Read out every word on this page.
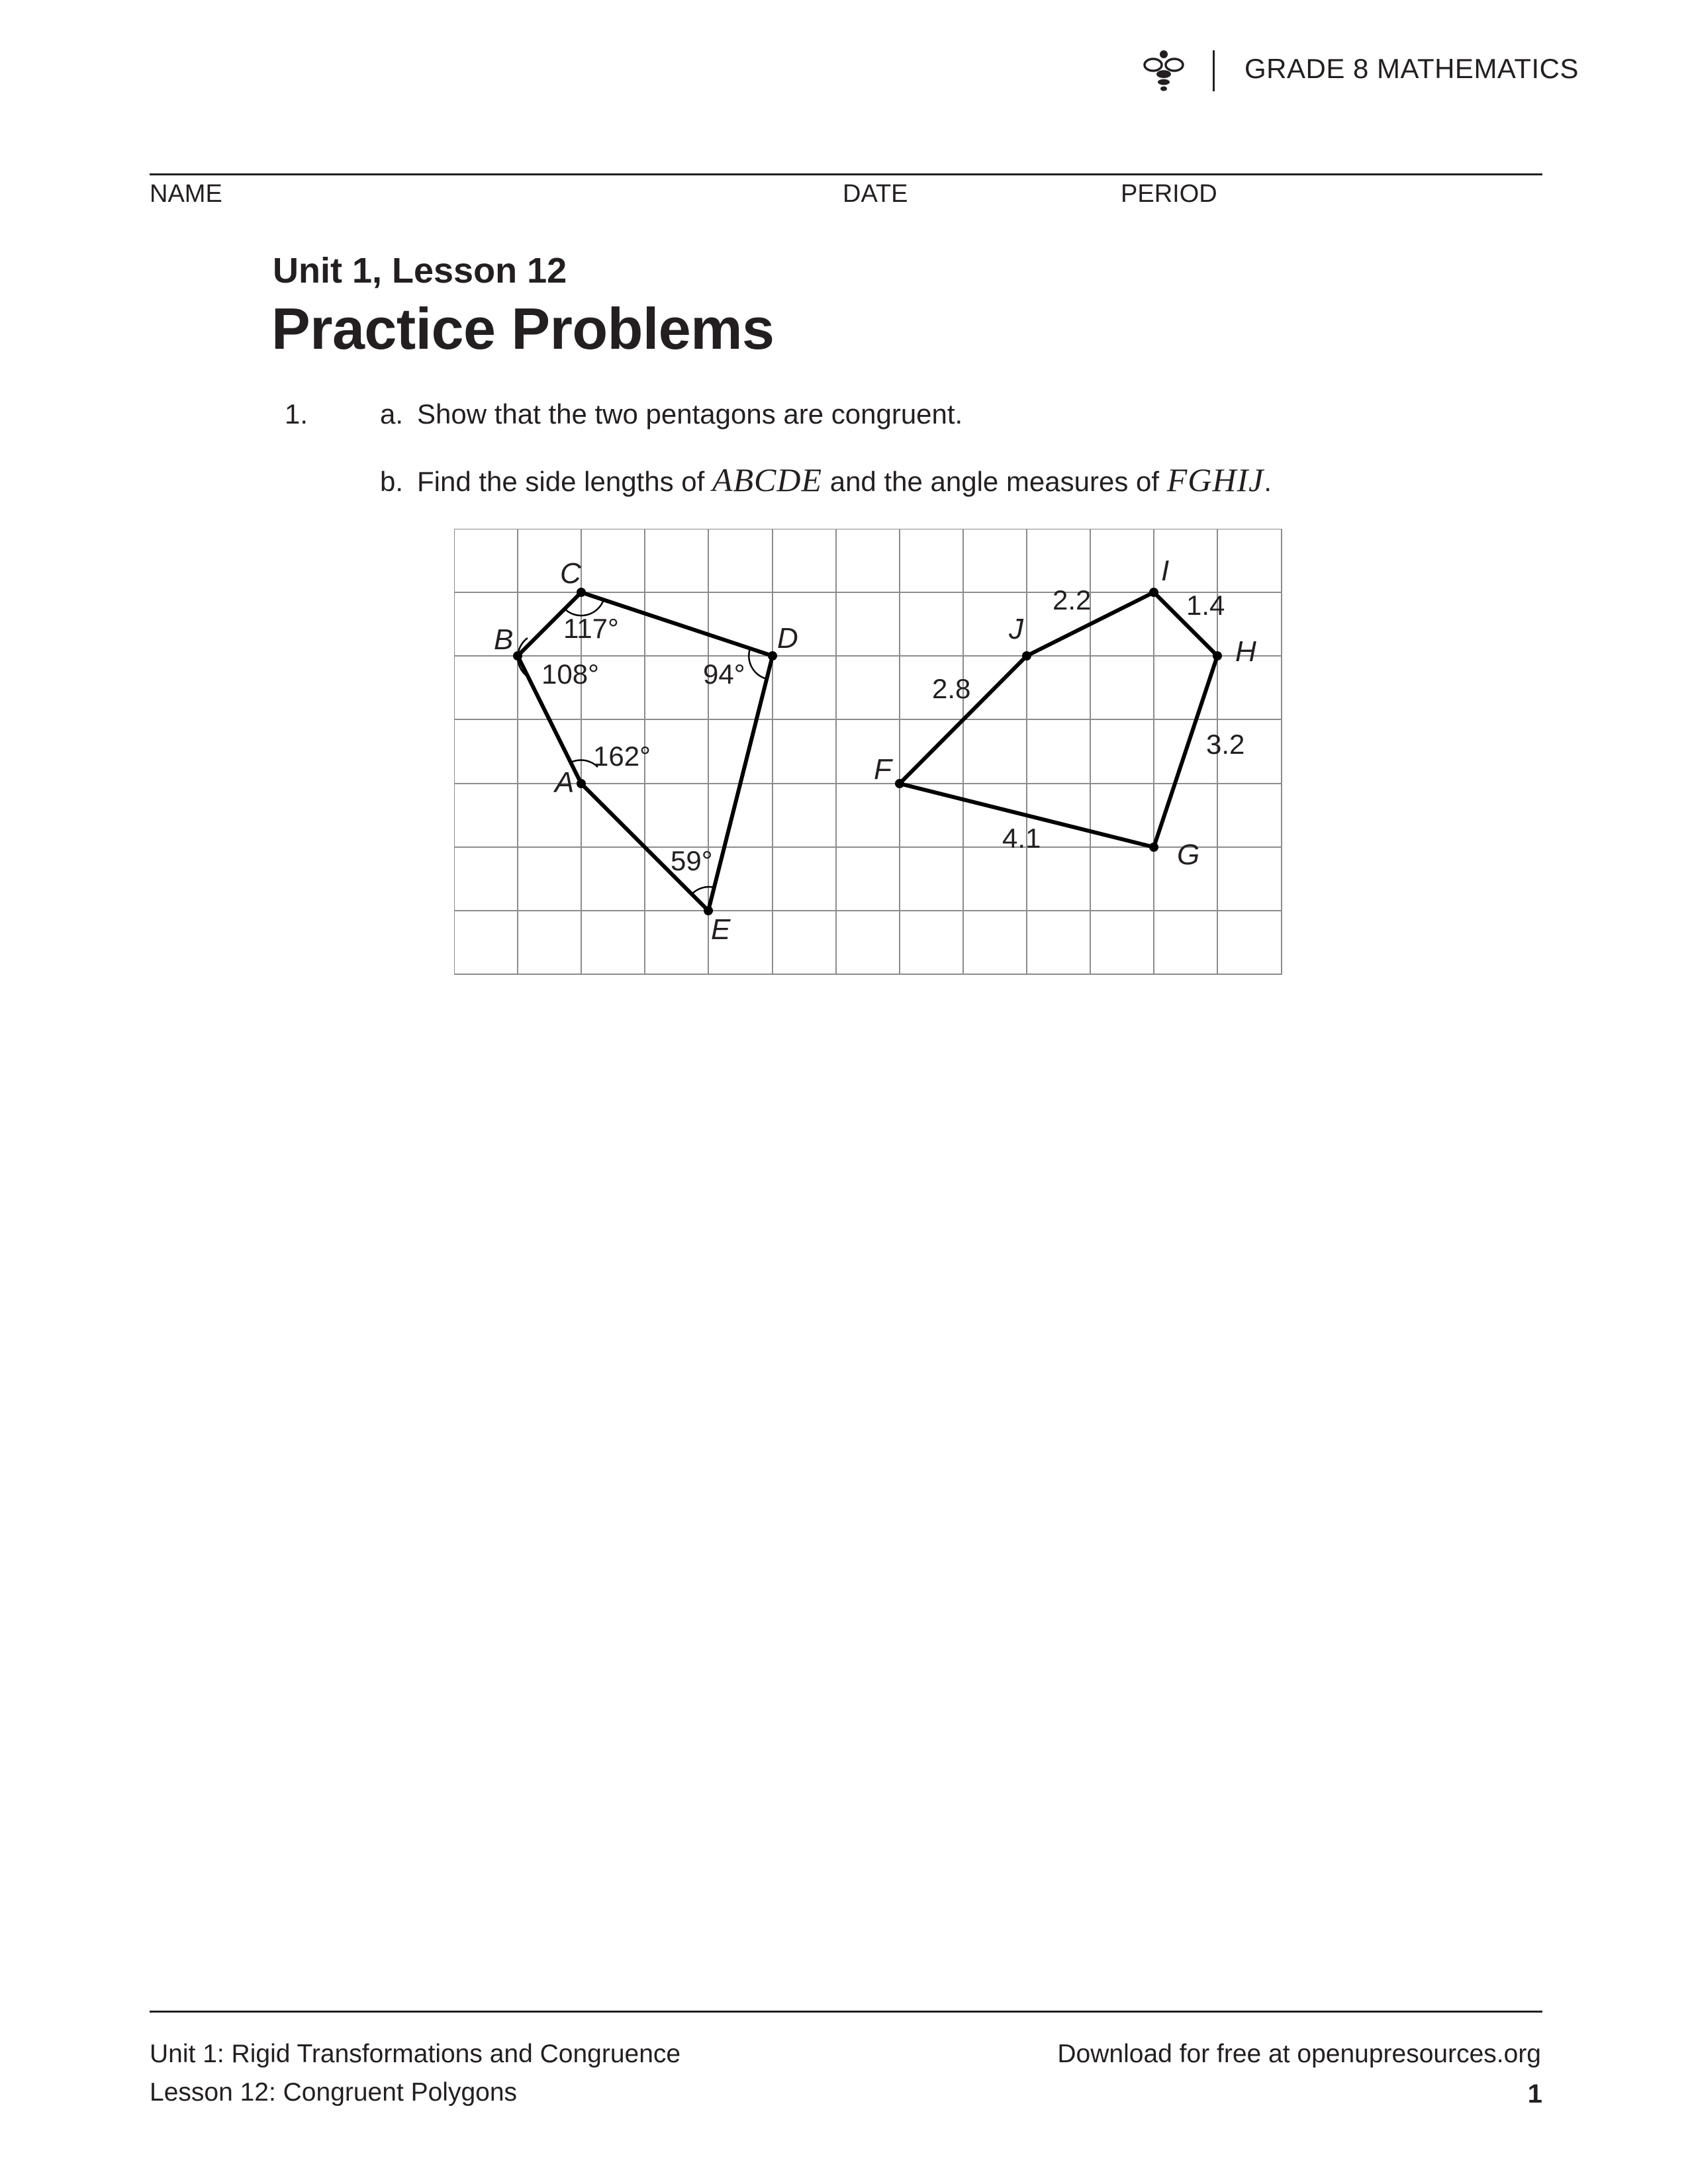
GRADE 8 MATHEMATICS
NAME	DATE	PERIOD
Unit 1, Lesson 12
Practice Problems
1.	a. Show that the two pentagons are congruent.
b. Find the side lengths of ABCDE and the angle measures of FGHIJ.
A
B
C
D
E
162°
108°
117°
94°
59°
F
G
H
I
J
4.1
3.2
1.4
2.2
2.8
Unit 1: Rigid Transformations and Congruence
Lesson 12: Congruent Polygons
Download for free at openupresources.org
1
